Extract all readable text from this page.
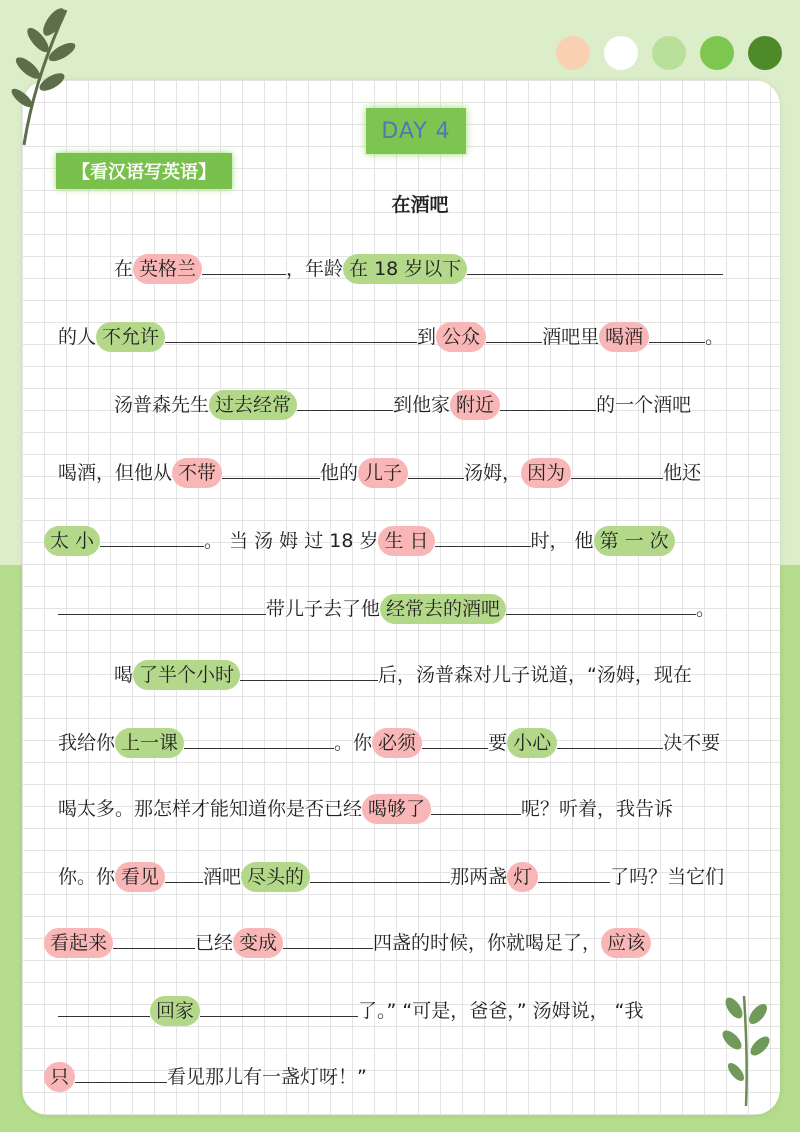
DAY 4
【看汉语写英语】
在酒吧
在 英格兰	，年龄 在 18 岁以下
的人 不允许	到 公众	酒吧里 喝酒	。
汤普森先生 过去经常	到他家 附近	的一个酒吧
喝酒，但他从 不带	他的 儿子	汤姆， 因为	他还
太 小	。 当 汤 姆 过 18 岁 生 日	时， 他 第 一 次
带儿子去了他 经常去的酒吧	。
喝 了半个小时	后，汤普森对儿子说道，“汤姆，现在
我给你 上一课	。你 必须	要 小心	决不要
喝太多。那怎样才能知道你是否已经 喝够了	呢？听着，我告诉
你。你 看见 酒吧 尽头的	那两盏 灯	了吗？当它们
看起来	已经 变成	四盏的时候，你就喝足了， 应该
回家	了。” “可是，爸爸，” 汤姆说， “我
只	看见那儿有一盏灯呀！”
